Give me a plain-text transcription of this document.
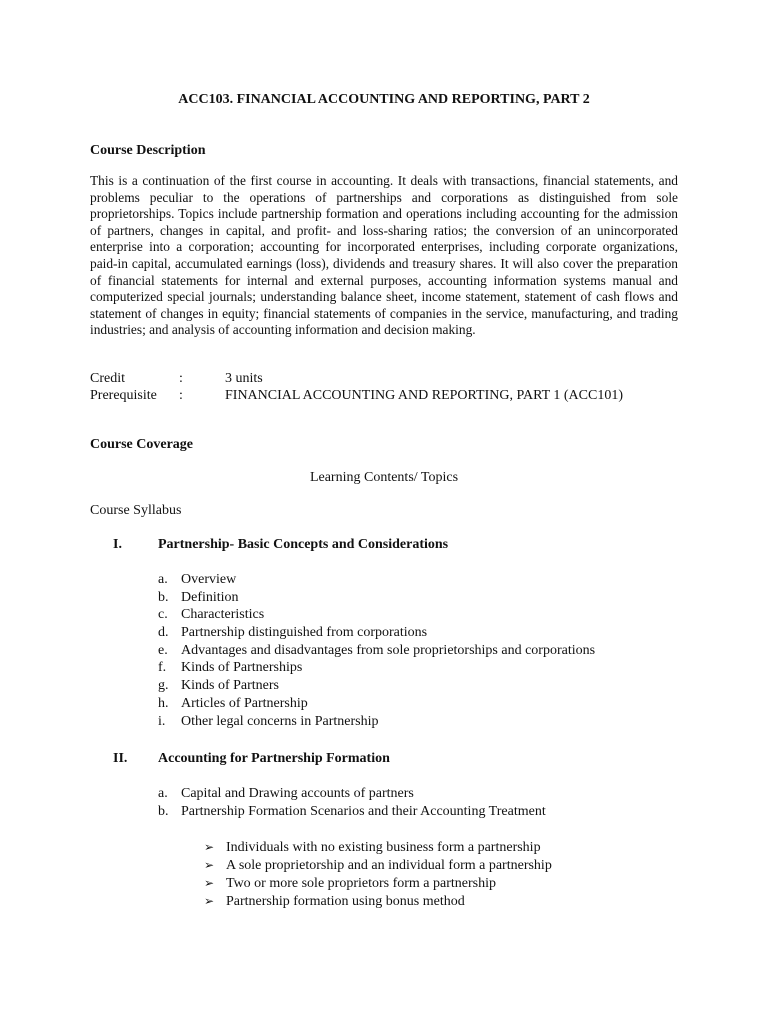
ACC103. FINANCIAL ACCOUNTING AND REPORTING, PART 2
Course Description

This is a continuation of the first course in accounting. It deals with transactions, financial statements, and problems peculiar to the operations of partnerships and corporations as distinguished from sole proprietorships. Topics include partnership formation and operations including accounting for the admission of partners, changes in capital, and profit- and loss-sharing ratios; the conversion of an unincorporated enterprise into a corporation; accounting for incorporated enterprises, including corporate organizations, paid-in capital, accumulated earnings (loss), dividends and treasury shares. It will also cover the preparation of financial statements for internal and external purposes, accounting information systems manual and computerized special journals; understanding balance sheet, income statement, statement of cash flows and statement of changes in equity; financial statements of companies in the service, manufacturing, and trading industries; and analysis of accounting information and decision making.

Credit	:	3 units
Prerequisite :	FINANCIAL ACCOUNTING AND REPORTING, PART 1 (ACC101)
Course Coverage
Learning Contents/ Topics
Course Syllabus
I.	Partnership- Basic Concepts and Considerations
a. Overview
b. Definition
c. Characteristics
d. Partnership distinguished from corporations
e. Advantages and disadvantages from sole proprietorships and corporations
f. Kinds of Partnerships
g. Kinds of Partners
h. Articles of Partnership
i. Other legal concerns in Partnership
II. Accounting for Partnership Formation
a. Capital and Drawing accounts of partners
b. Partnership Formation Scenarios and their Accounting Treatment
➢ Individuals with no existing business form a partnership
➢ A sole proprietorship and an individual form a partnership
➢ Two or more sole proprietors form a partnership
➢ Partnership formation using bonus method
